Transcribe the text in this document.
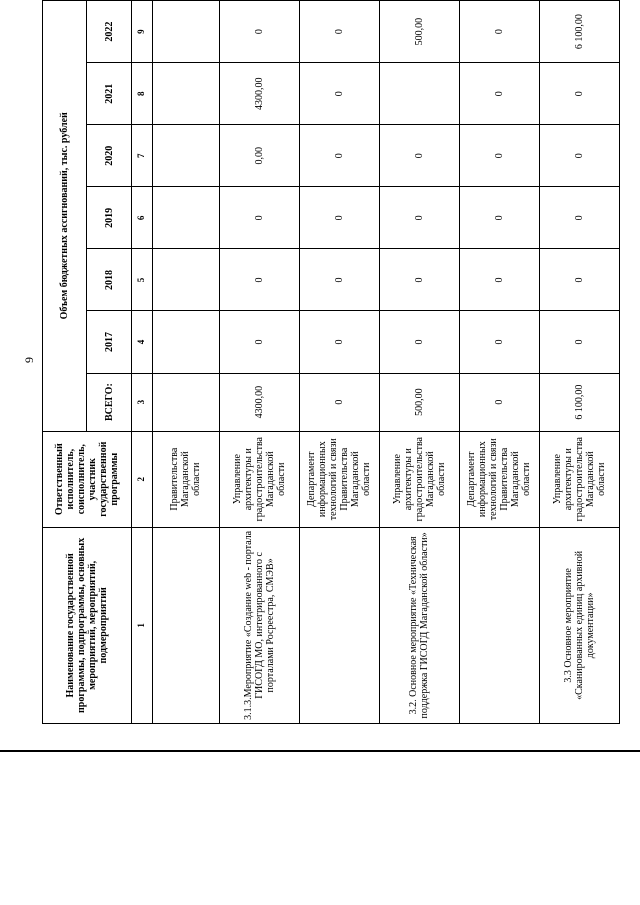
9
Наименование государственной программы, подпрограммы, основных мероприятий, мероприятий, подмероприятий	Ответственный исполнитель, соисполнитель, участник государственной программы	Объем бюджетных ассигнований, тыс. рублей						
		ВСЕГО:	2017	2018	2019	2020	2021	2022
1	2	3	4	5	6	7	8	9
	Правительства Магаданской области							
3.1.3.Мероприятие «Создание web - портала ГИСОГД МО, интегрированного с порталами Росреестра, СМЭВ»	Управление архитектуры и градостроительства Магаданской области	4300,00	0	0	0	0,00	4300,00	0
	Департамент информационных технологий и связи Правительства Магаданской области	0	0	0	0	0	0	0
3.2. Основное мероприятие «Техническая поддержка ГИСОГД Магаданской области»	Управление архитектуры и градостроительства Магаданской области	500,00	0	0	0	0		500,00
	Департамент информационных технологий и связи Правительства Магаданской области	0	0	0	0	0	0	0
3.3 Основное мероприятие «Сканированных единиц архивной документации»	Управление архитектуры и градостроительства Магаданской области	6 100,00	0	0	0	0	0	6 100,00
